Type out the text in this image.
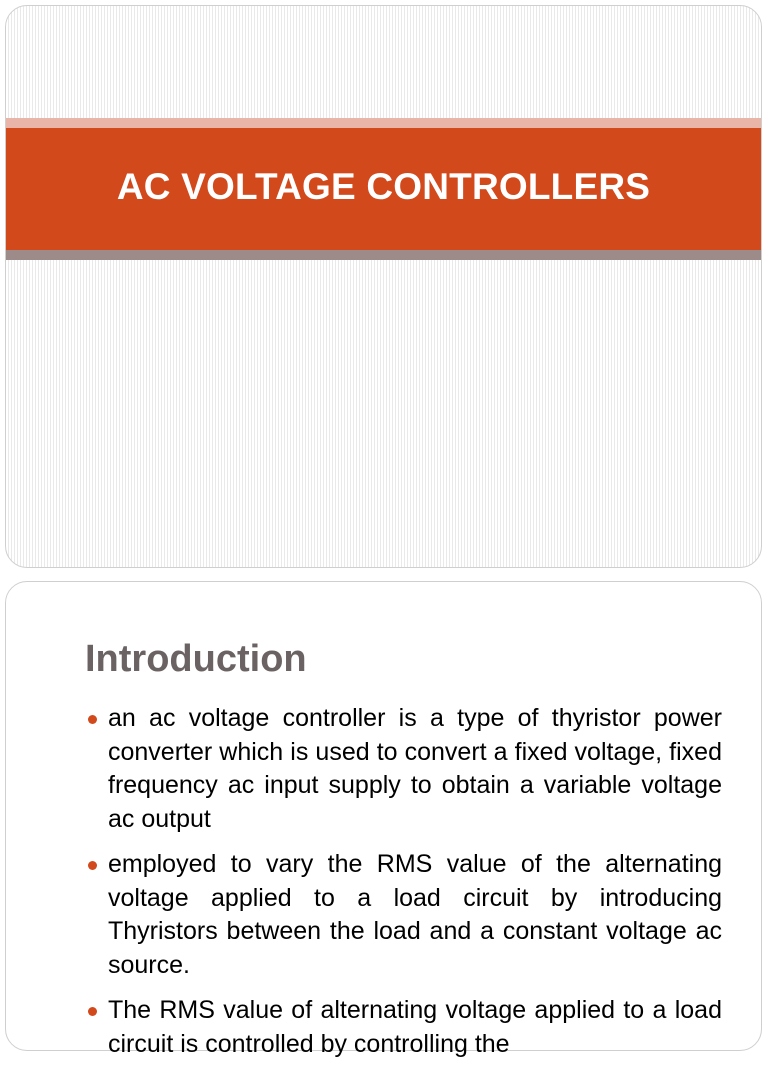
AC VOLTAGE CONTROLLERS
Introduction
an ac voltage controller is a type of thyristor power converter which is used to convert a fixed voltage, fixed frequency ac input supply to obtain a variable voltage ac output
employed to vary the RMS value of the alternating voltage applied to a load circuit by introducing Thyristors between the load and a constant voltage ac source.
The RMS value of alternating voltage applied to a load circuit is controlled by controlling the
